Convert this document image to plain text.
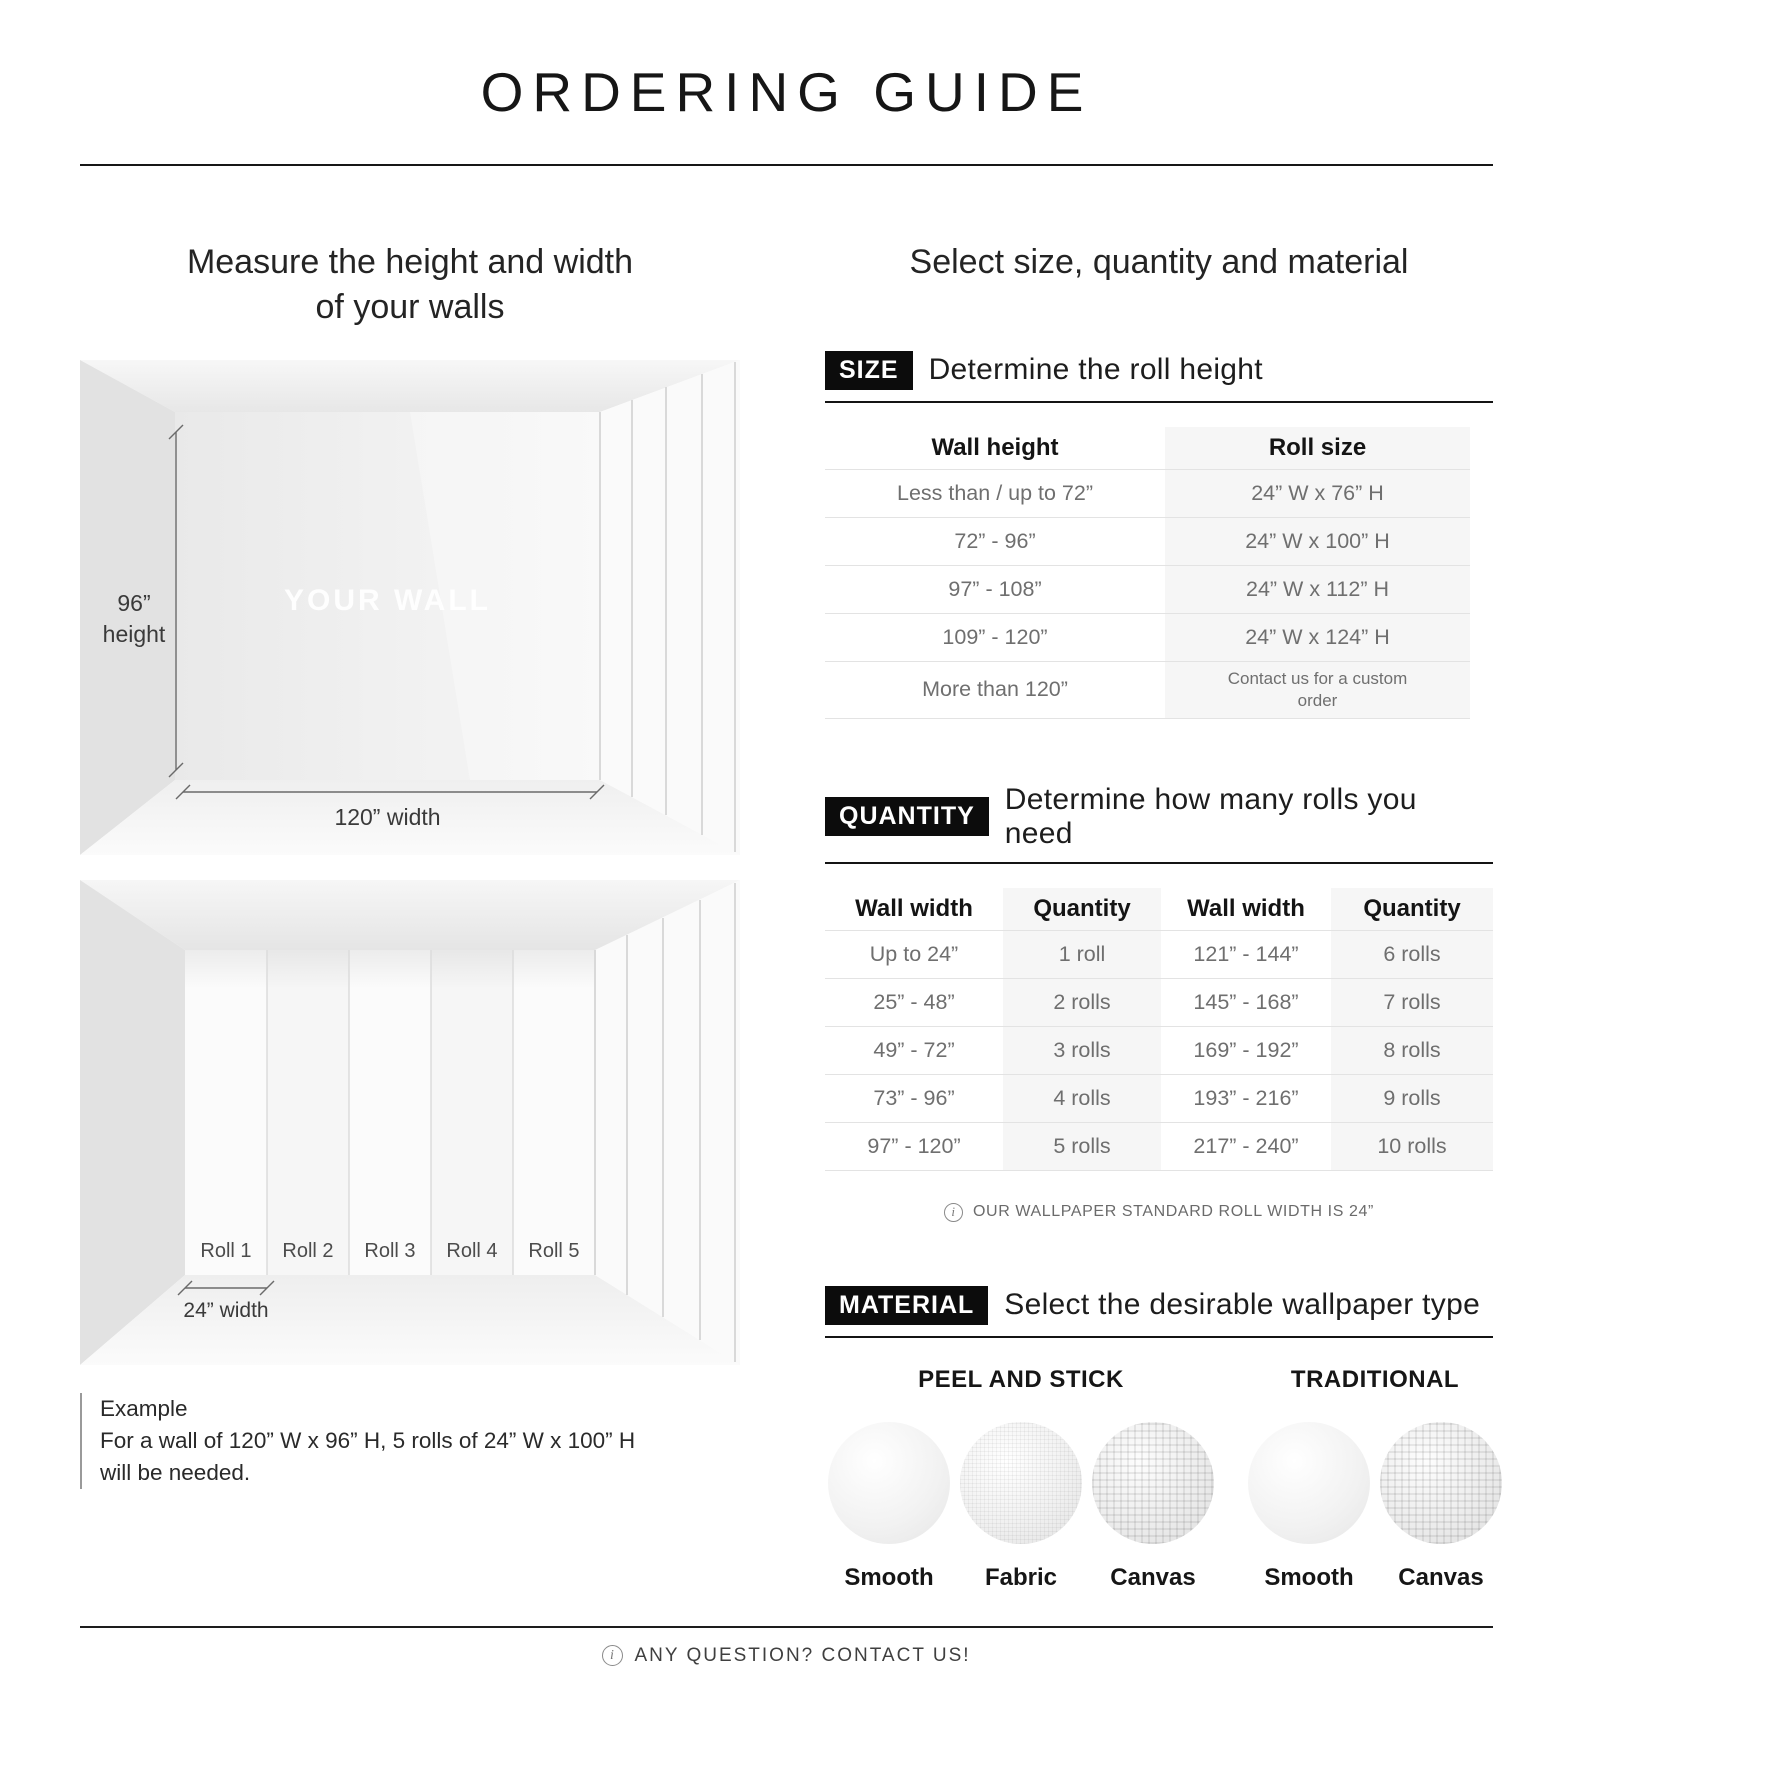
ORDERING GUIDE
Measure the height and width
of your walls
YOUR WALL
96”
height
120” width
Roll 1	Roll 2	Roll 3	Roll 4	Roll 5
24” width
Example
For a wall of 120” W x 96” H, 5 rolls of 24” W x 100” H
will be needed.
Select size, quantity and material
SIZE	Determine the roll height
Wall height	Roll size
Less than / up to 72”	24” W x 76” H
72” - 96”	24” W x 100” H
97” - 108”	24” W x 112” H
109” - 120”	24” W x 124” H
More than 120”	Contact us for a custom order
QUANTITY
Determine how many rolls you need
Wall width	Quantity	Wall width	Quantity
Up to 24”	1 roll	121” - 144”	6 rolls
25” - 48”	2 rolls	145” - 168”	7 rolls
49” - 72”	3 rolls	169” - 192”	8 rolls
73” - 96”	4 rolls	193” - 216”	9 rolls
97” - 120”	5 rolls	217” - 240”	10 rolls
i	OUR WALLPAPER STANDARD ROLL WIDTH IS 24”
MATERIAL	Select the desirable wallpaper type
PEEL AND STICK
Smooth Fabric Canvas
TRADITIONAL
Smooth Canvas
i ANY QUESTION? CONTACT US!
